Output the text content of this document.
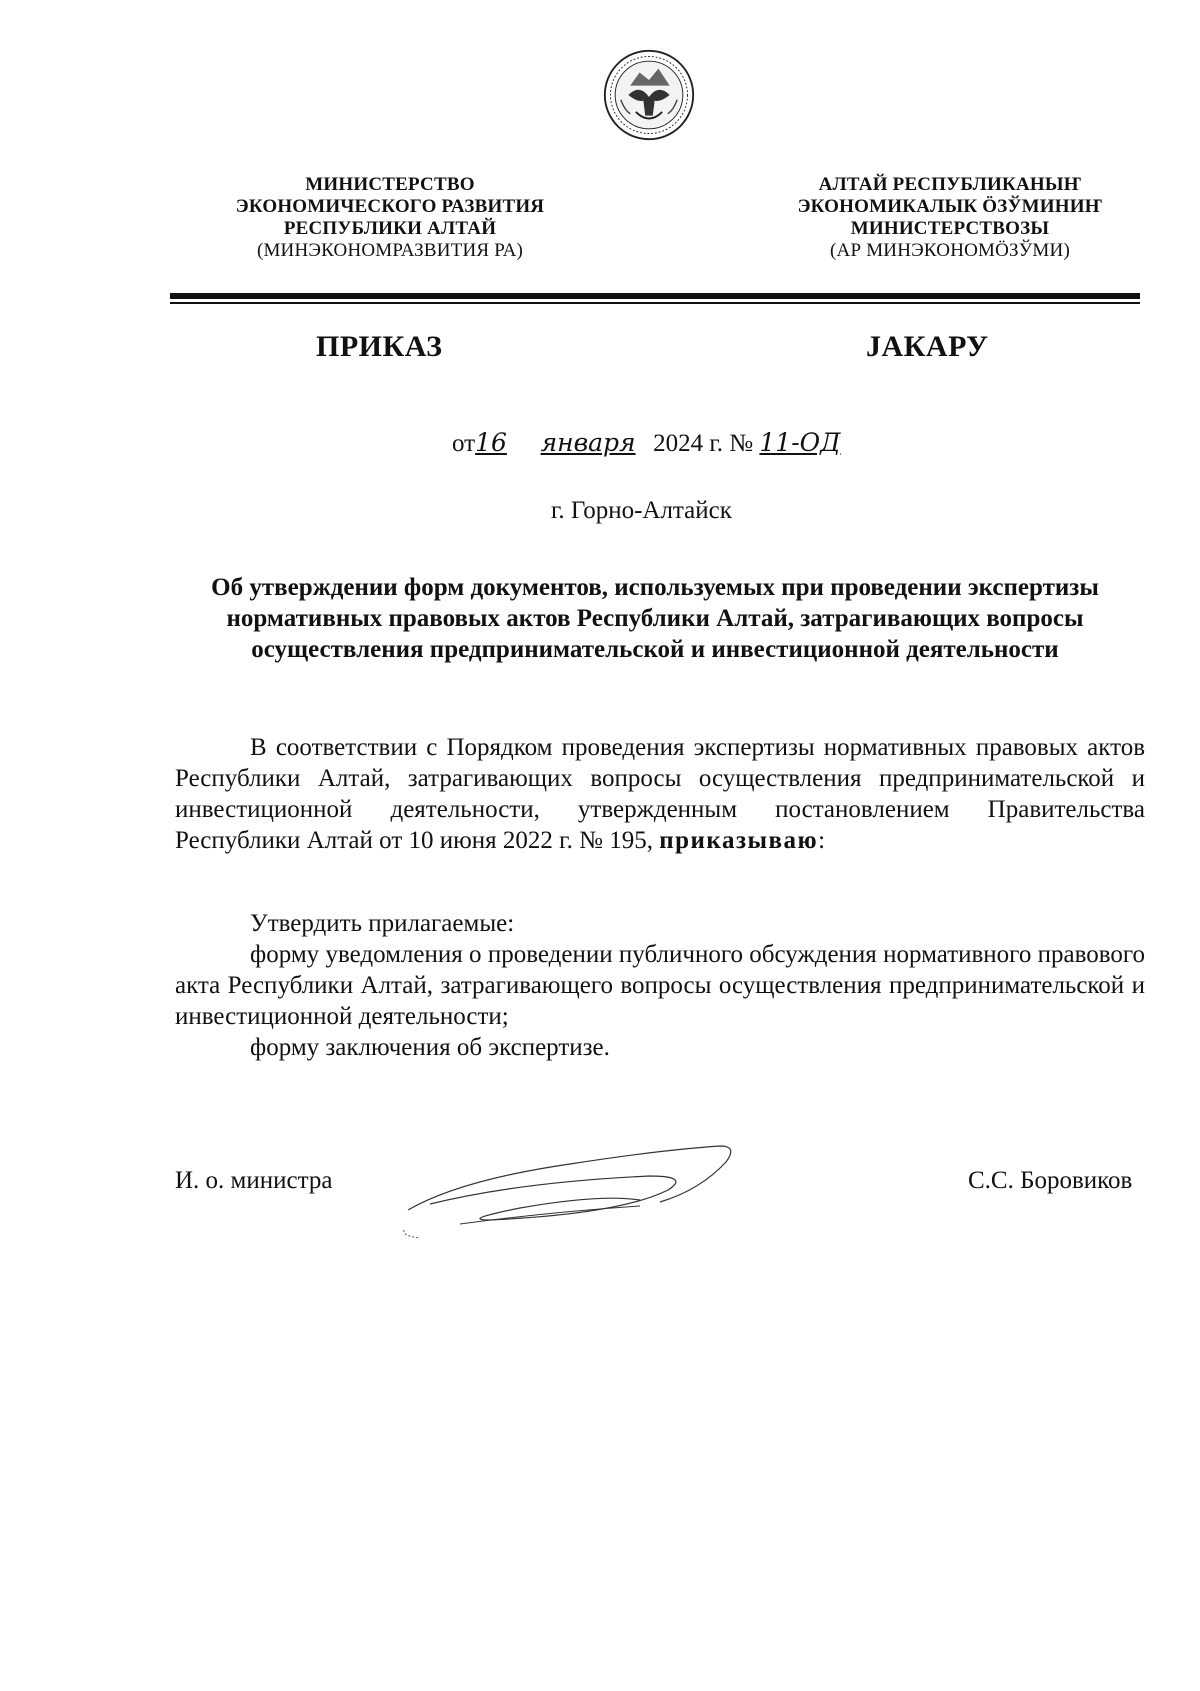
МИНИСТЕРСТВО
ЭКОНОМИЧЕСКОГО РАЗВИТИЯ
РЕСПУБЛИКИ АЛТАЙ
(МИНЭКОНОМРАЗВИТИЯ РА)
АЛТАЙ РЕСПУБЛИКАНЫҤ
ЭКОНОМИКАЛЫК ÖЗЎМИНИҤ
МИНИСТЕРСТВОЗЫ
(АР МИНЭКОНОМÖЗЎМИ)
ПРИКАЗ	ЈАКАРУ
от16 января 2024 г. № 11-ОД
г. Горно-Алтайск
Об утверждении форм документов, используемых при проведении экспертизы нормативных правовых актов Республики Алтай, затрагивающих вопросы осуществления предпринимательской и инвестиционной деятельности
В соответствии с Порядком проведения экспертизы нормативных правовых актов Республики Алтай, затрагивающих вопросы осуществления предпринимательской и инвестиционной деятельности, утвержденным постановлением Правительства Республики Алтай от 10 июня 2022 г. № 195, приказываю:
Утвердить прилагаемые:
форму уведомления о проведении публичного обсуждения нормативного правового акта Республики Алтай, затрагивающего вопросы осуществления предпринимательской и инвестиционной деятельности;
форму заключения об экспертизе.
И. о. министра	С.С. Боровиков
